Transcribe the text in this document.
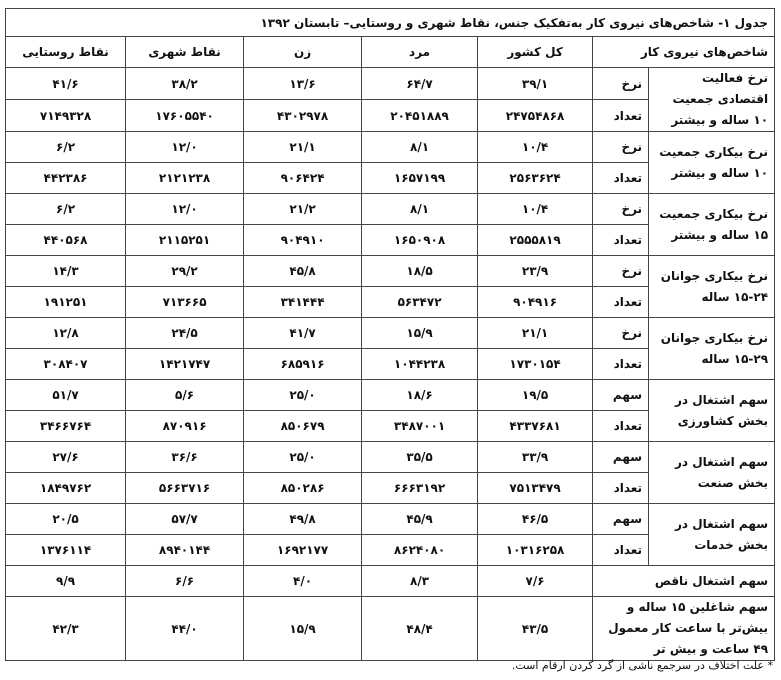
جدول ۱- شاخص‌های نیروی کار به‌تفکیک جنس، نقاط شهری و روستایی– تابستان ۱۳۹۲						
شاخص‌های نیروی کار		کل کشور	مرد	زن	نقاط شهری	نقاط روستایی
نرخ فعالیت اقتصادی جمعیت ۱۰ ساله و بیشتر	نرخ	۳۹/۱	۶۴/۷	۱۳/۶	۳۸/۲	۴۱/۶
	تعداد	۲۴۷۵۴۸۶۸	۲۰۴۵۱۸۸۹	۴۳۰۲۹۷۸	۱۷۶۰۵۵۴۰	۷۱۴۹۳۲۸
نرخ بیکاری جمعیت ۱۰ ساله و بیشتر	نرخ	۱۰/۴	۸/۱	۲۱/۱	۱۲/۰	۶/۲
	تعداد	۲۵۶۳۶۲۴	۱۶۵۷۱۹۹	۹۰۶۴۲۴	۲۱۲۱۲۳۸	۴۴۲۳۸۶
نرخ بیکاری جمعیت ۱۵ ساله و بیشتر	نرخ	۱۰/۴	۸/۱	۲۱/۲	۱۲/۰	۶/۲
	تعداد	۲۵۵۵۸۱۹	۱۶۵۰۹۰۸	۹۰۴۹۱۰	۲۱۱۵۲۵۱	۴۴۰۵۶۸
نرخ بیکاری جوانان ۲۴-۱۵ ساله	نرخ	۲۳/۹	۱۸/۵	۴۵/۸	۲۹/۲	۱۴/۳
	تعداد	۹۰۴۹۱۶	۵۶۳۴۷۲	۳۴۱۴۴۴	۷۱۳۶۶۵	۱۹۱۲۵۱
نرخ بیکاری جوانان ۲۹-۱۵ ساله	نرخ	۲۱/۱	۱۵/۹	۴۱/۷	۲۴/۵	۱۲/۸
	تعداد	۱۷۳۰۱۵۴	۱۰۴۴۲۳۸	۶۸۵۹۱۶	۱۴۲۱۷۴۷	۳۰۸۴۰۷
سهم اشتغال در بخش کشاورزی	سهم	۱۹/۵	۱۸/۶	۲۵/۰	۵/۶	۵۱/۷
	تعداد	۴۳۳۷۶۸۱	۳۴۸۷۰۰۱	۸۵۰۶۷۹	۸۷۰۹۱۶	۳۴۶۶۷۶۴
سهم اشتغال در بخش صنعت	سهم	۳۳/۹	۳۵/۵	۲۵/۰	۳۶/۶	۲۷/۶
	تعداد	۷۵۱۳۴۷۹	۶۶۶۳۱۹۲	۸۵۰۲۸۶	۵۶۶۳۷۱۶	۱۸۴۹۷۶۲
سهم اشتغال در بخش خدمات	سهم	۴۶/۵	۴۵/۹	۴۹/۸	۵۷/۷	۲۰/۵
	تعداد	۱۰۳۱۶۲۵۸	۸۶۲۴۰۸۰	۱۶۹۲۱۷۷	۸۹۴۰۱۴۴	۱۳۷۶۱۱۴
سهم اشتغال ناقص		۷/۶	۸/۳	۴/۰	۶/۶	۹/۹
سهم شاغلین ۱۵ ساله و بیش‌تر با ساعت کار معمول ۴۹ ساعت و بیش تر		۴۳/۵	۴۸/۴	۱۵/۹	۴۴/۰	۴۲/۳
* علت اختلاف در سرجمع ناشی از گرد کردن ارقام است.
